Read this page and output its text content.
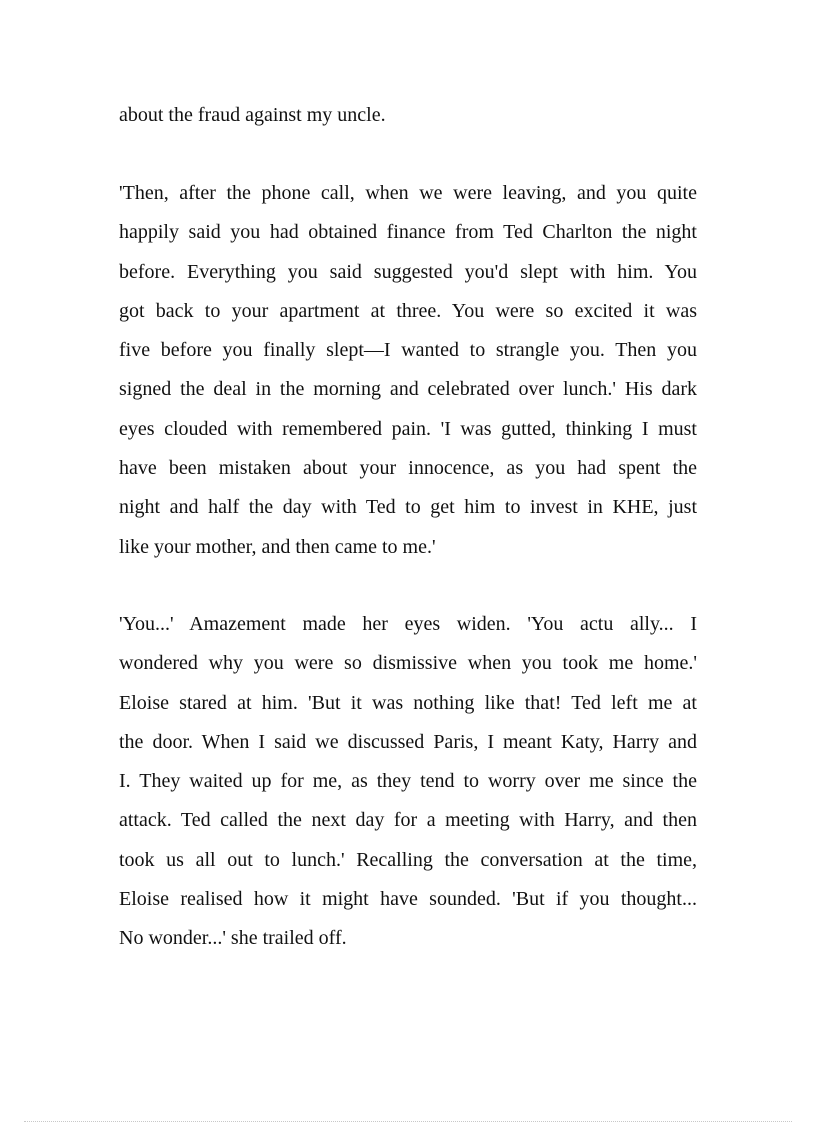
about the fraud against my uncle.
'Then, after the phone call, when we were leaving, and you quite
happily said you had obtained finance from Ted Charlton the night
before. Everything you said suggested you'd slept with him. You
got back to your apartment at three. You were so excited it was
five before you finally slept—I wanted to strangle you. Then you
signed the deal in the morning and celebrated over lunch.' His dark
eyes clouded with remembered pain. 'I was gutted, thinking I must
have been mistaken about your innocence, as you had spent the
night and half the day with Ted to get him to invest in KHE, just
like your mother, and then came to me.'
'You...' Amazement made her eyes widen. 'You actu ally... I
wondered why you were so dismissive when you took me home.'
Eloise stared at him. 'But it was nothing like that! Ted left me at
the door. When I said we discussed Paris, I meant Katy, Harry and
I. They waited up for me, as they tend to worry over me since the
attack. Ted called the next day for a meeting with Harry, and then
took us all out to lunch.' Recalling the conversation at the time,
Eloise realised how it might have sounded. 'But if you thought...
No wonder...' she trailed off.
